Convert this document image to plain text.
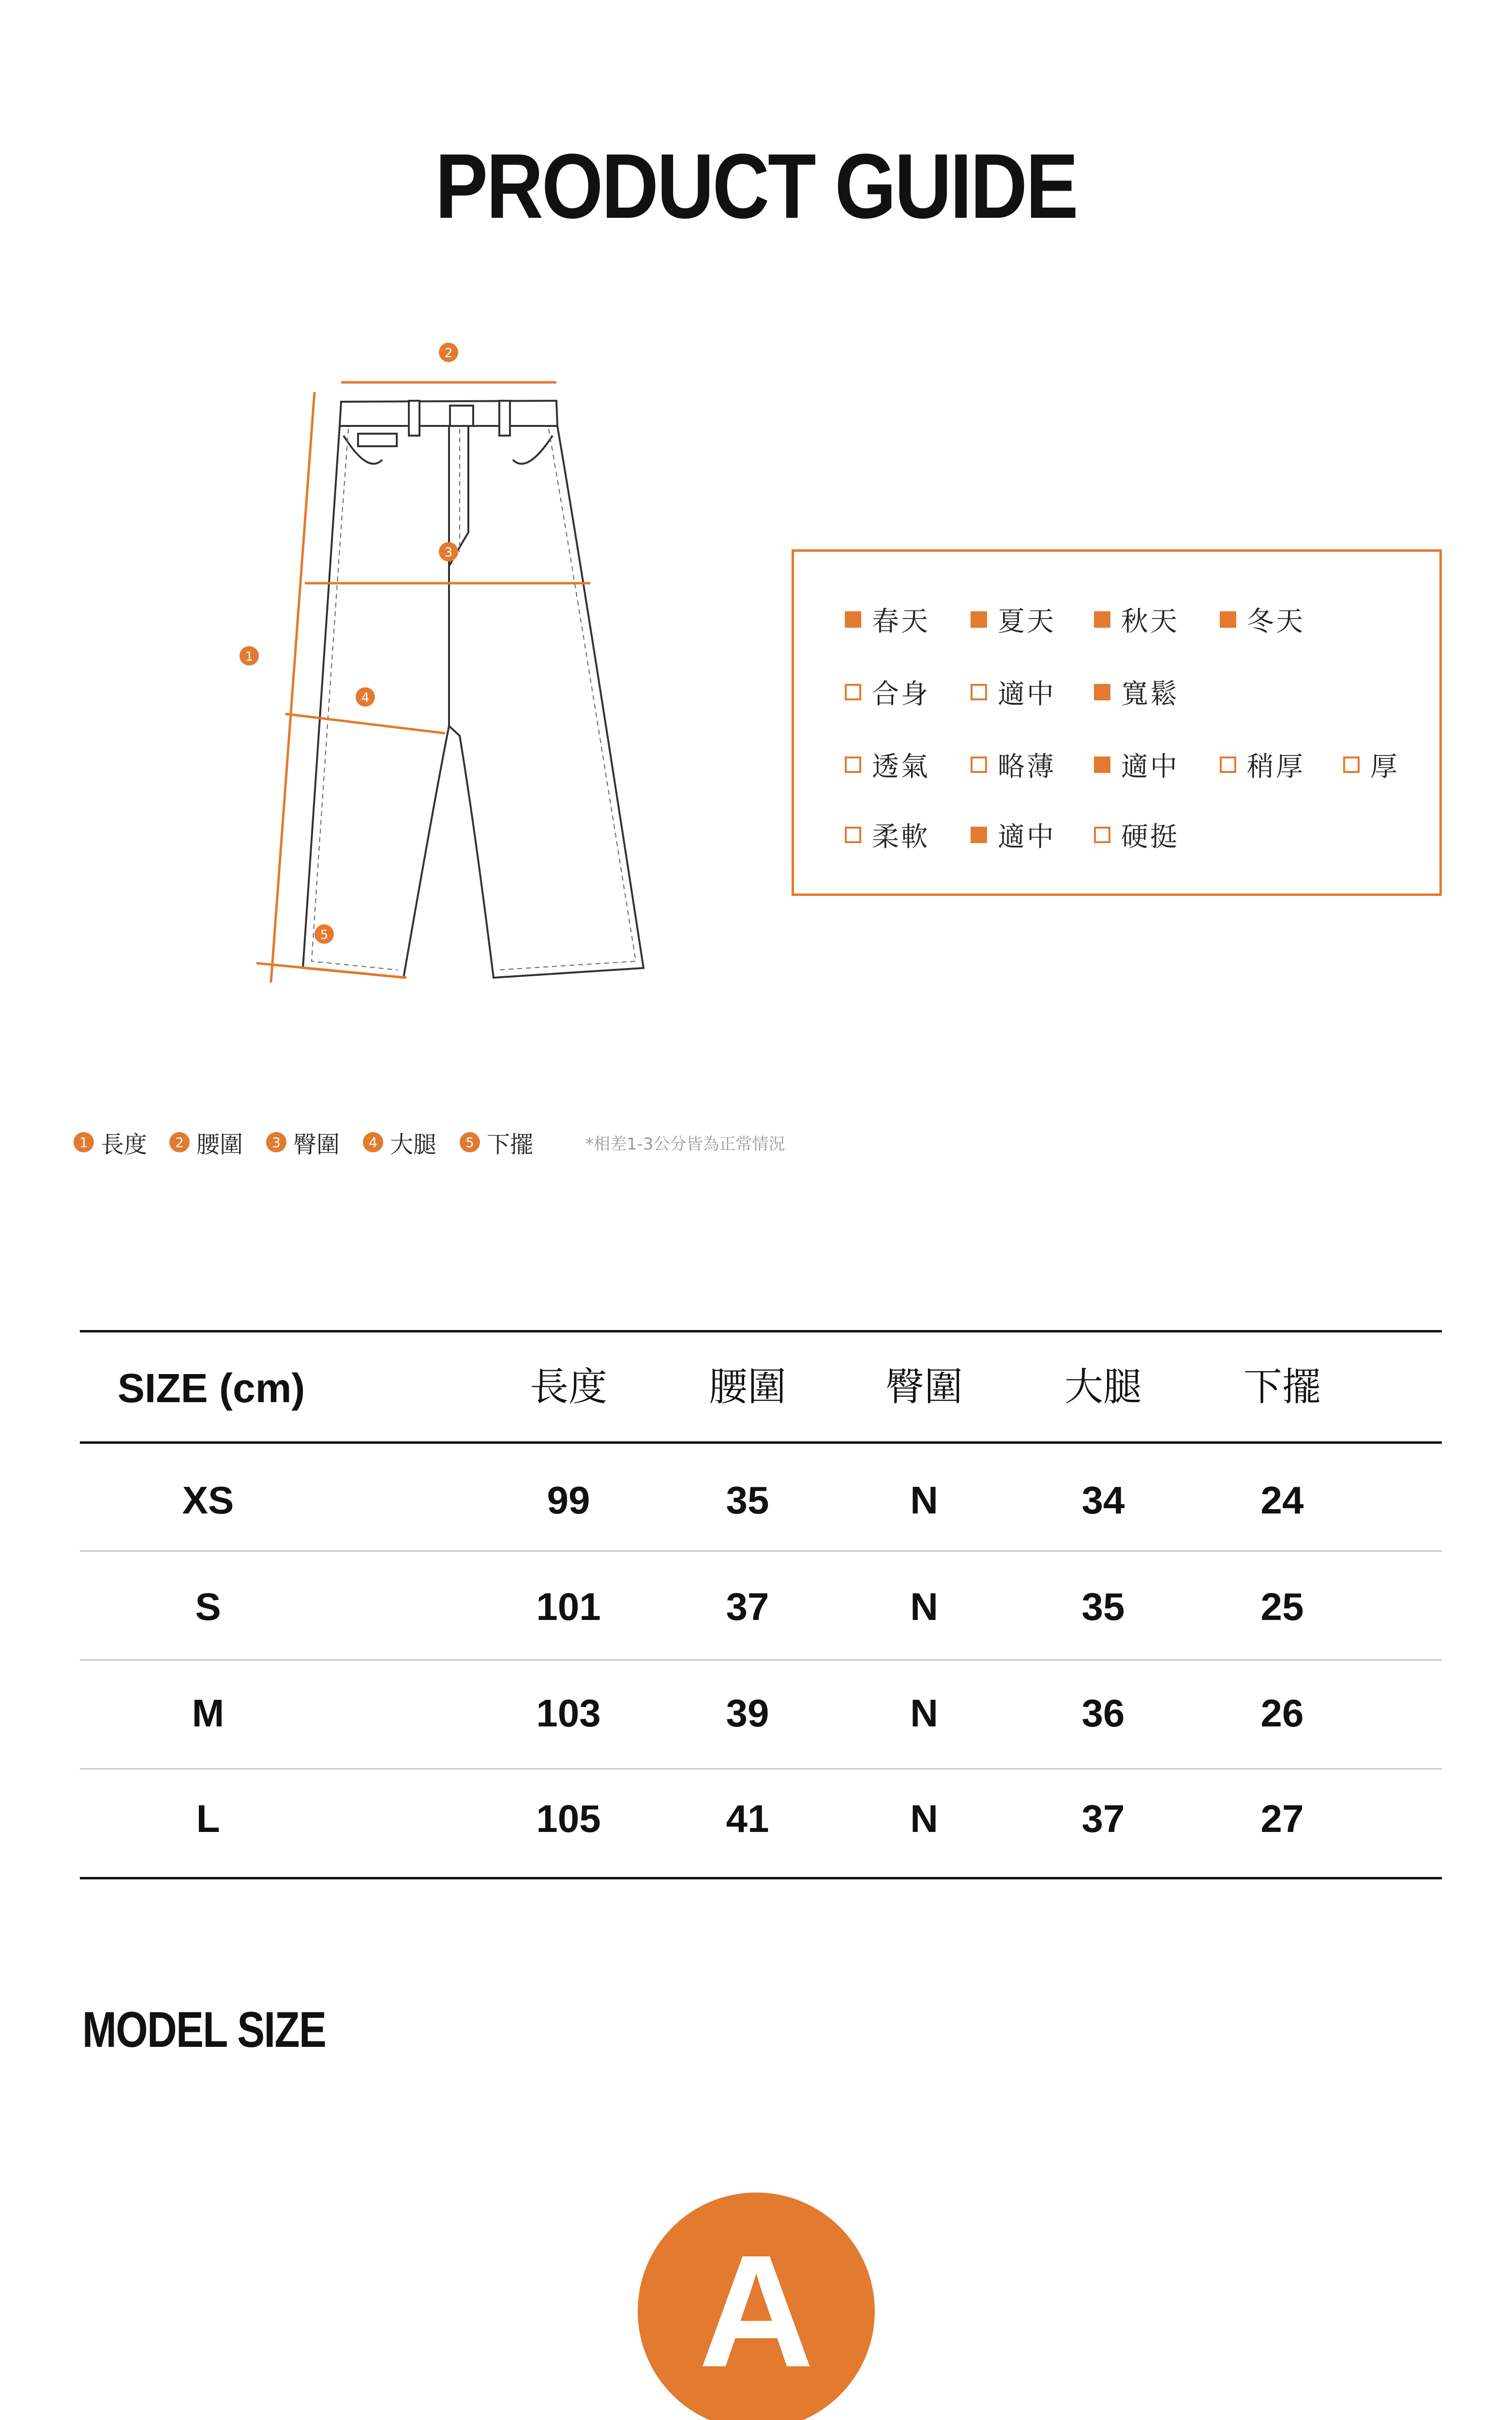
PRODUCT GUIDE
1
2
3
4
5
春天	夏天 秋天	冬天
合身	適中 寬鬆
透氣	略薄 適中	稍厚 厚
柔軟	適中 硬挺
*相差1-3公分皆為正常情況
1 長度	2 腰圍	3 臀圍	4 大腿	5 下擺
SIZE (cm)	長度	腰圍	臀圍	大腿	下擺
XS	99	35	N	34	24
S	101	37	N	35	25
M	103	39	N	36	26
L	105	41	N	37	27
MODEL SIZE
A
